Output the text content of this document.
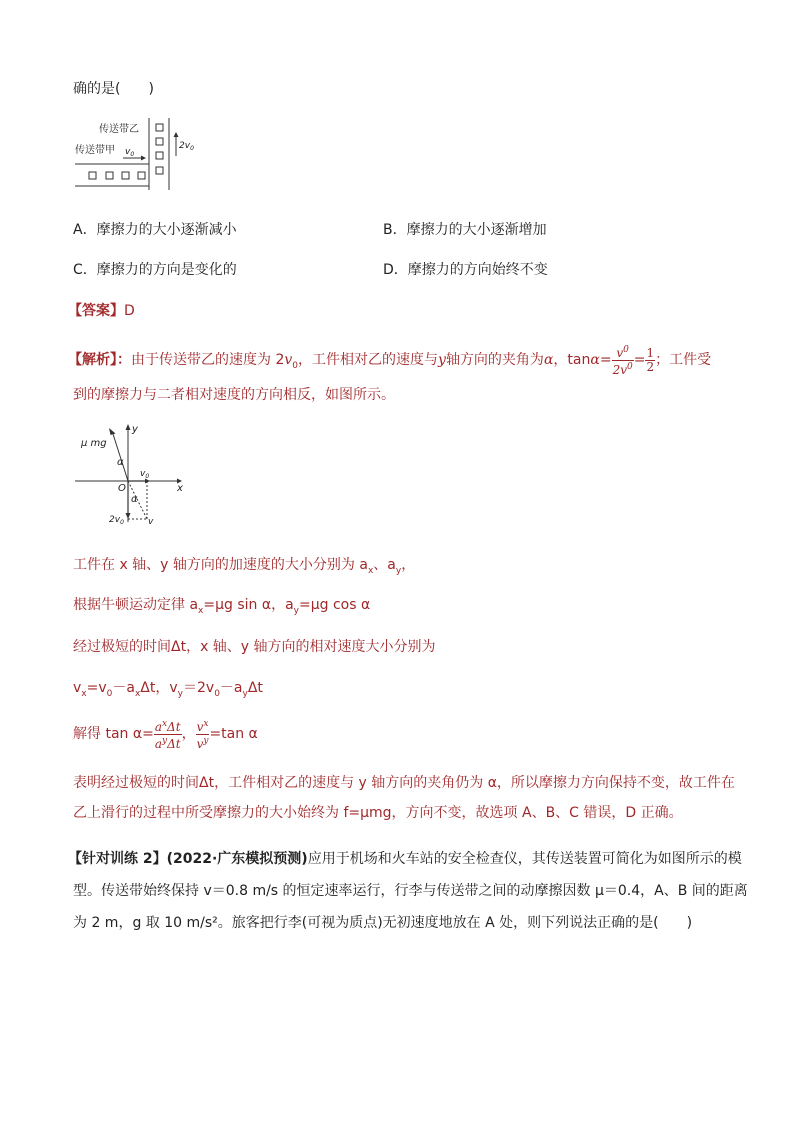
确的是(　　)
传送带乙
传送带甲 $v_0$
$2v_0$
A．摩擦力的大小逐渐减小	B．摩擦力的大小逐渐增加
C．摩擦力的方向是变化的	D．摩擦力的方向始终不变
【答案】D
【解析】：由于传送带乙的速度为 $2v_0$，工件相对乙的速度与y轴方向的夹角为α，$\tan\alpha= \frac{v^0}{2v^0} = \frac{1}{2}$ ；工件受
到的摩擦力与二者相对速度的方向相反，如图所示。
μ mg
y
x
α
α
O
$v_0$
$2v_0$	v
工件在 x 轴、y 轴方向的加速度的大小分别为 $a_x$、$a_y$，
根据牛顿运动定律 $a_x=\mu g$ sin α，$a_y=\mu g$ cos α
经过极短的时间Δt，x 轴、y 轴方向的相对速度大小分别为
$v_x=v_0-a_x\Delta t$，$v_y=2v_0-a_y\Delta t$
解得 $\tan \alpha= \frac{a^x\Delta t}{a^y\Delta t}$ ， $\frac{v^x}{v^y} =\tan$ α
表明经过极短的时间Δt，工件相对乙的速度与 y 轴方向的夹角仍为 α，所以摩擦力方向保持不变，故工件在
乙上滑行的过程中所受摩擦力的大小始终为 f=μmg，方向不变，故选项 A、B、C 错误，D 正确。
【针对训练 2】(2022·广东模拟预测)应用于机场和火车站的安全检查仪，其传送装置可简化为如图所示的模
型。传送带始终保持 v＝0.8 m/s 的恒定速率运行，行李与传送带之间的动摩擦因数 μ＝0.4，A、B 间的距离
为 2 m，g 取 10 m/s²。旅客把行李(可视为质点)无初速度地放在 A 处，则下列说法正确的是(　　)
